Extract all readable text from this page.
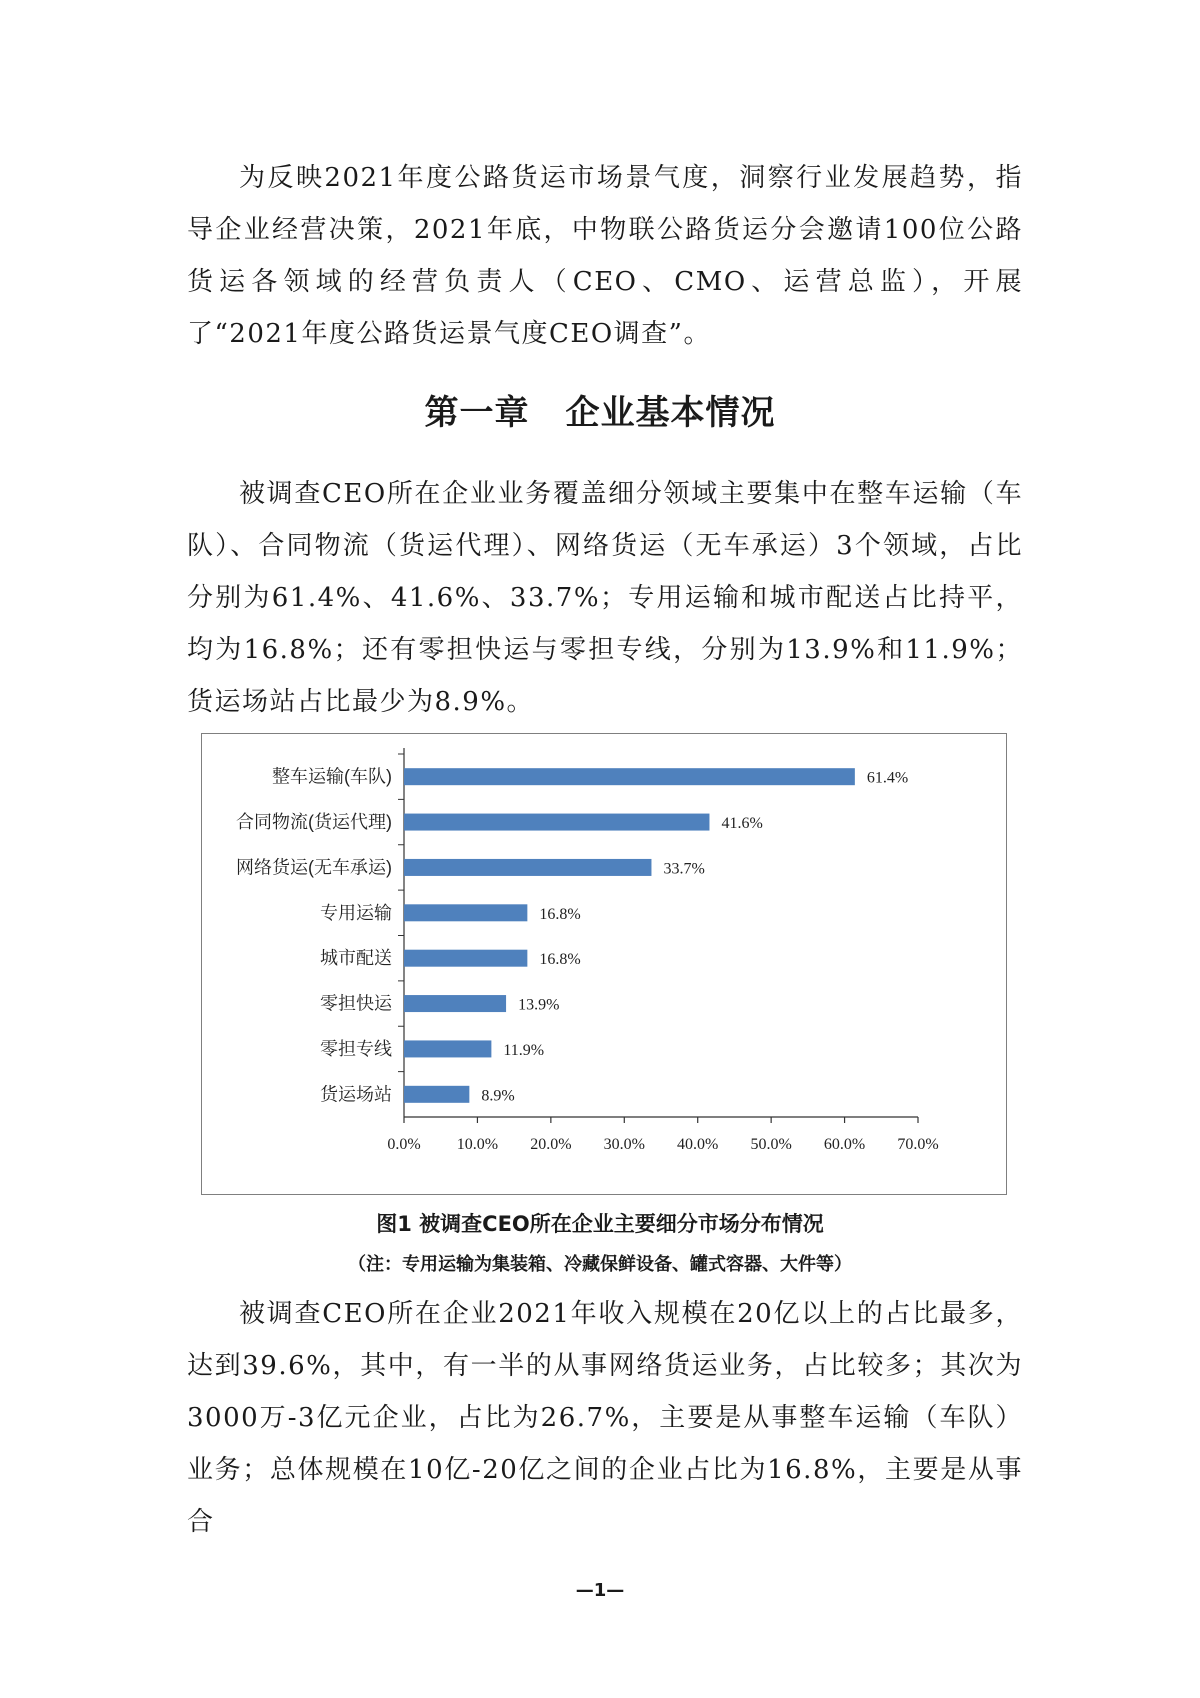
为反映2021年度公路货运市场景气度，洞察行业发展趋势，指导企业经营决策，2021年底，中物联公路货运分会邀请100位公路货运各领域的经营负责人（CEO、CMO、运营总监），开展了“2021年度公路货运景气度CEO调查”。

第一章 企业基本情况

被调查CEO所在企业业务覆盖细分领域主要集中在整车运输（车队）、合同物流（货运代理）、网络货运（无车承运）3个领域，占比分别为61.4%、41.6%、33.7%；专用运输和城市配送占比持平，均为16.8%；还有零担快运与零担专线，分别为13.9%和11.9%；货运场站占比最少为8.9%。

0.0% 10.0% 20.0% 30.0% 40.0% 50.0% 60.0% 70.0%
整车运输(车队)	61.4%
合同物流(货运代理)	41.6%
网络货运(无车承运)	33.7%
专用运输	16.8%
城市配送	16.8%
零担快运	13.9%
零担专线	11.9%
货运场站	8.9%

图1 被调查CEO所在企业主要细分市场分布情况

（注：专用运输为集装箱、冷藏保鲜设备、罐式容器、大件等）

被调查CEO所在企业2021年收入规模在20亿以上的占比最多，达到39.6%，其中，有一半的从事网络货运业务，占比较多；其次为3000万-3亿元企业，占比为26.7%，主要是从事整车运输（车队）业务；总体规模在10亿-20亿之间的企业占比为16.8%，主要是从事合

—1—
